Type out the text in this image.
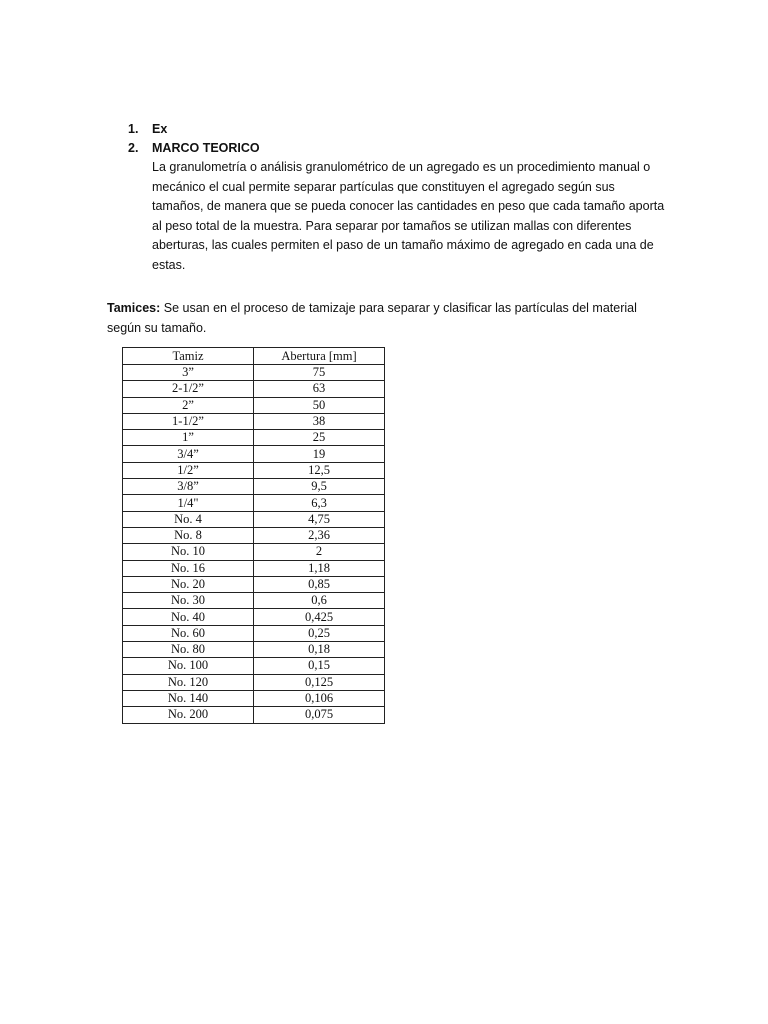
1. Ex
2. MARCO TEORICO

La granulometría o análisis granulométrico de un agregado es un procedimiento manual o mecánico el cual permite separar partículas que constituyen el agregado según sus tamaños, de manera que se pueda conocer las cantidades en peso que cada tamaño aporta al peso total de la muestra. Para separar por tamaños se utilizan mallas con diferentes aberturas, las cuales permiten el paso de un tamaño máximo de agregado en cada una de estas.

Tamices: Se usan en el proceso de tamizaje para separar y clasificar las partículas del material según su tamaño.

Tamiz	Abertura [mm]
3”	75
2-1/2”	63
2”	50
1-1/2”	38
1”	25
3/4”	19
1/2”	12,5
3/8”	9,5
1/4"	6,3
No. 4	4,75
No. 8	2,36
No. 10	2
No. 16	1,18
No. 20	0,85
No. 30	0,6
No. 40	0,425
No. 60	0,25
No. 80	0,18
No. 100	0,15
No. 120	0,125
No. 140	0,106
No. 200	0,075
